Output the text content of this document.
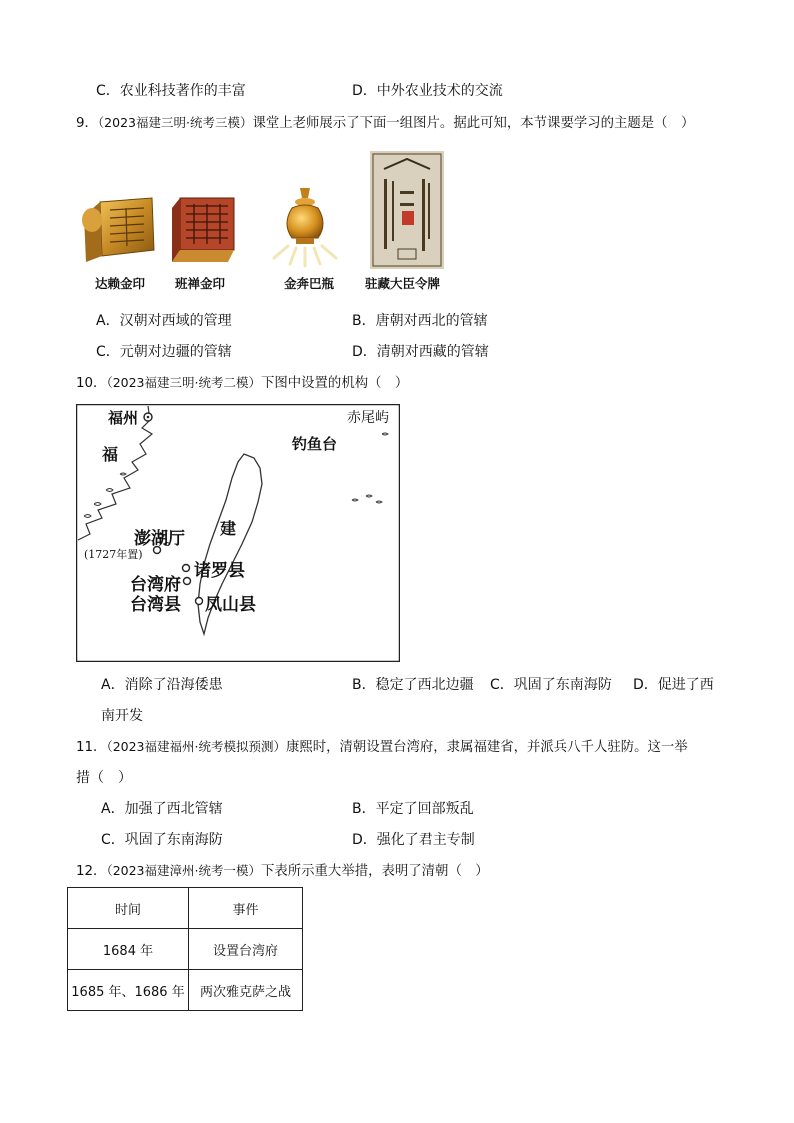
C．农业科技著作的丰富	D．中外农业技术的交流
9．（2023福建三明·统考三模）课堂上老师展示了下面一组图片。据此可知，本节课要学习的主题是（　）
达赖金印 班禅金印	金奔巴瓶 驻藏大臣令牌
A．汉朝对西域的管理	B．唐朝对西北的管辖
C．元朝对边疆的管辖	D．清朝对西藏的管辖
10．（2023福建三明·统考二模）下图中设置的机构（　）
福州	赤尾屿
钓鱼台
福
建
澎湖厅
(1727年置)
诸罗县
台湾府
台湾县 凤山县
A．消除了沿海倭患	B．稳定了西北边疆 C．巩固了东南海防 D．促进了西
南开发
11．（2023福建福州·统考模拟预测）康熙时，清朝设置台湾府，隶属福建省，并派兵八千人驻防。这一举
措（　）
A．加强了西北管辖	B．平定了回部叛乱
C．巩固了东南海防	D．强化了君主专制
12．（2023福建漳州·统考一模）下表所示重大举措，表明了清朝（　）
时间	事件
1684 年	设置台湾府
1685 年、1686 年	两次雅克萨之战
